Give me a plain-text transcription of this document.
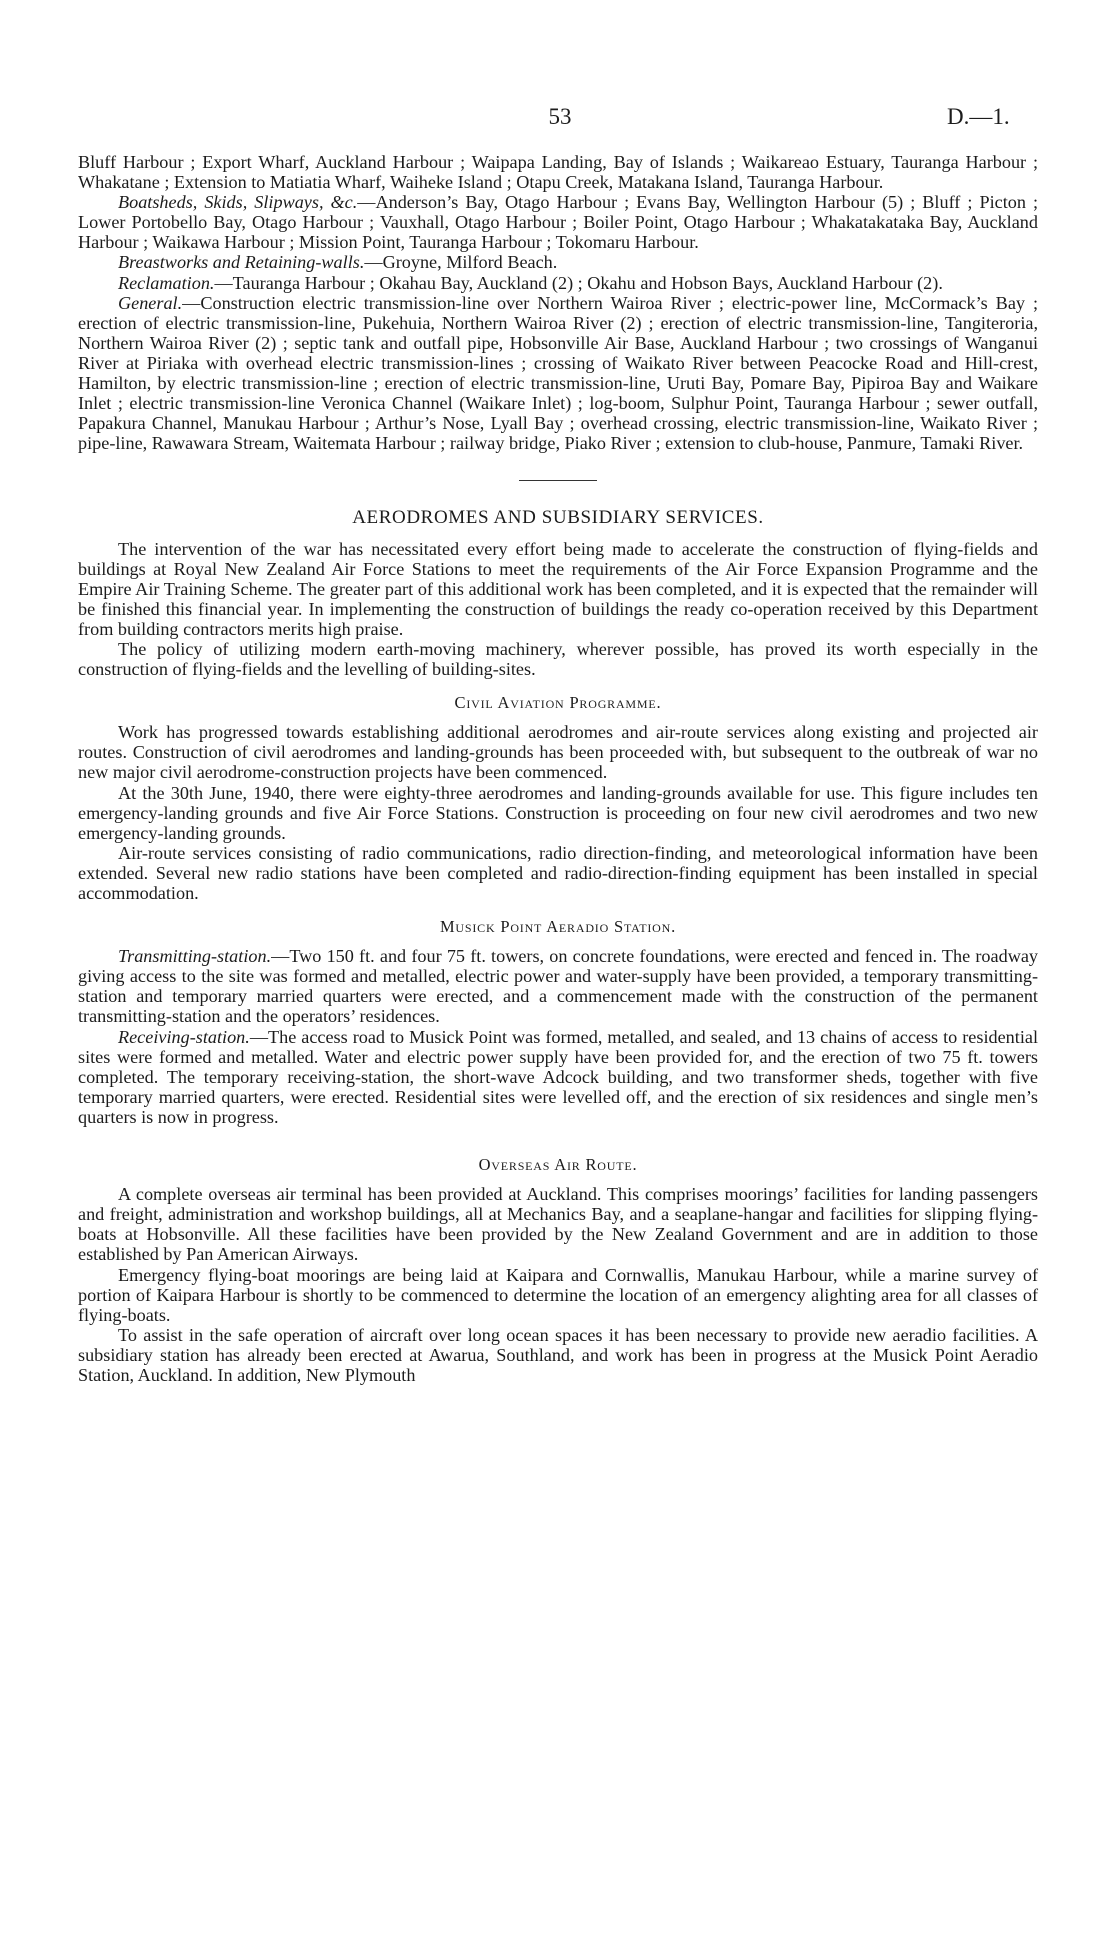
53	D.—1.

Bluff Harbour ; Export Wharf, Auckland Harbour ; Waipapa Landing, Bay of Islands ; Waikareao Estuary, Tauranga Harbour ; Whakatane ; Extension to Matiatia Wharf, Waiheke Island ; Otapu Creek, Matakana Island, Tauranga Harbour.

Boatsheds, Skids, Slipways, &c.—Anderson’s Bay, Otago Harbour ; Evans Bay, Wellington Harbour (5) ; Bluff ; Picton ; Lower Portobello Bay, Otago Harbour ; Vauxhall, Otago Harbour ; Boiler Point, Otago Harbour ; Whakatakataka Bay, Auckland Harbour ; Waikawa Harbour ; Mission Point, Tauranga Harbour ; Tokomaru Harbour.

Breastworks and Retaining-walls.—Groyne, Milford Beach.

Reclamation.—Tauranga Harbour ; Okahau Bay, Auckland (2) ; Okahu and Hobson Bays, Auckland Harbour (2).

General.—Construction electric transmission-line over Northern Wairoa River ; electric-power line, McCormack’s Bay ; erection of electric transmission-line, Pukehuia, Northern Wairoa River (2) ; erection of electric transmission-line, Tangiteroria, Northern Wairoa River (2) ; septic tank and outfall pipe, Hobsonville Air Base, Auckland Harbour ; two crossings of Wanganui River at Piriaka with overhead electric transmission-lines ; crossing of Waikato River between Peacocke Road and Hill-crest, Hamilton, by electric transmission-line ; erection of electric transmission-line, Uruti Bay, Pomare Bay, Pipiroa Bay and Waikare Inlet ; electric transmission-line Veronica Channel (Waikare Inlet) ; log-boom, Sulphur Point, Tauranga Harbour ; sewer outfall, Papakura Channel, Manukau Harbour ; Arthur’s Nose, Lyall Bay ; overhead crossing, electric transmission-line, Waikato River ; pipe-line, Rawawara Stream, Waitemata Harbour ; railway bridge, Piako River ; extension to club-house, Panmure, Tamaki River.

AERODROMES AND SUBSIDIARY SERVICES.

The intervention of the war has necessitated every effort being made to accelerate the construction of flying-fields and buildings at Royal New Zealand Air Force Stations to meet the requirements of the Air Force Expansion Programme and the Empire Air Training Scheme. The greater part of this additional work has been completed, and it is expected that the remainder will be finished this financial year. In implementing the construction of buildings the ready co-operation received by this Department from building contractors merits high praise.

The policy of utilizing modern earth-moving machinery, wherever possible, has proved its worth especially in the construction of flying-fields and the levelling of building-sites.

Civil Aviation Programme.

Work has progressed towards establishing additional aerodromes and air-route services along existing and projected air routes. Construction of civil aerodromes and landing-grounds has been proceeded with, but subsequent to the outbreak of war no new major civil aerodrome-construction projects have been commenced.

At the 30th June, 1940, there were eighty-three aerodromes and landing-grounds available for use. This figure includes ten emergency-landing grounds and five Air Force Stations. Construction is proceeding on four new civil aerodromes and two new emergency-landing grounds.

Air-route services consisting of radio communications, radio direction-finding, and meteorological information have been extended. Several new radio stations have been completed and radio-direction-finding equipment has been installed in special accommodation.

Musick Point Aeradio Station.

Transmitting-station.—Two 150 ft. and four 75 ft. towers, on concrete foundations, were erected and fenced in. The roadway giving access to the site was formed and metalled, electric power and water-supply have been provided, a temporary transmitting-station and temporary married quarters were erected, and a commencement made with the construction of the permanent transmitting-station and the operators’ residences.

Receiving-station.—The access road to Musick Point was formed, metalled, and sealed, and 13 chains of access to residential sites were formed and metalled. Water and electric power supply have been provided for, and the erection of two 75 ft. towers completed. The temporary receiving-station, the short-wave Adcock building, and two transformer sheds, together with five temporary married quarters, were erected. Residential sites were levelled off, and the erection of six residences and single men’s quarters is now in progress.

Overseas Air Route.

A complete overseas air terminal has been provided at Auckland. This comprises moorings’ facilities for landing passengers and freight, administration and workshop buildings, all at Mechanics Bay, and a seaplane-hangar and facilities for slipping flying-boats at Hobsonville. All these facilities have been provided by the New Zealand Government and are in addition to those established by Pan American Airways.

Emergency flying-boat moorings are being laid at Kaipara and Cornwallis, Manukau Harbour, while a marine survey of portion of Kaipara Harbour is shortly to be commenced to determine the location of an emergency alighting area for all classes of flying-boats.

To assist in the safe operation of aircraft over long ocean spaces it has been necessary to provide new aeradio facilities. A subsidiary station has already been erected at Awarua, Southland, and work has been in progress at the Musick Point Aeradio Station, Auckland. In addition, New Plymouth
